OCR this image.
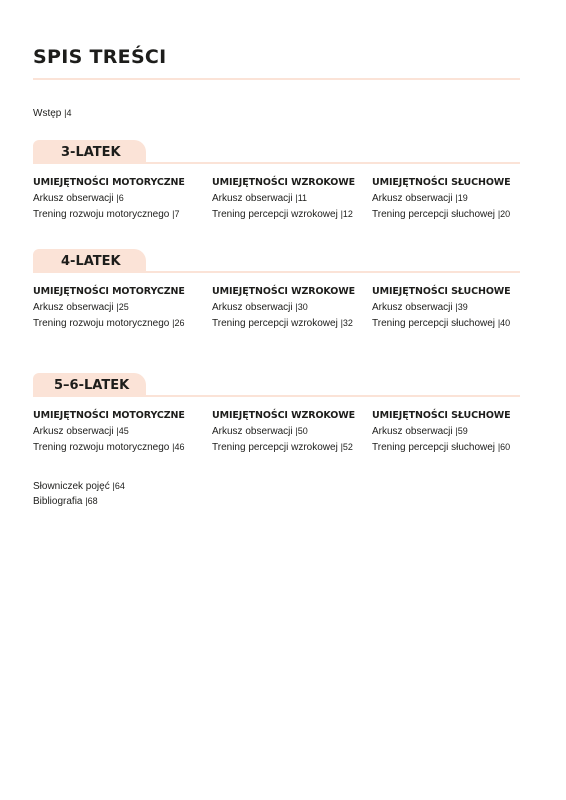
SPIS TREŚCI
Wstęp |4
3-LATEK
UMIEJĘTNOŚCI MOTORYCZNE
Arkusz obserwacji |6
Trening rozwoju motorycznego |7
UMIEJĘTNOŚCI WZROKOWE
Arkusz obserwacji |11
Trening percepcji wzrokowej |12
UMIEJĘTNOŚCI SŁUCHOWE
Arkusz obserwacji |19
Trening percepcji słuchowej |20
4-LATEK
UMIEJĘTNOŚCI MOTORYCZNE
Arkusz obserwacji |25
Trening rozwoju motorycznego |26
UMIEJĘTNOŚCI WZROKOWE
Arkusz obserwacji |30
Trening percepcji wzrokowej |32
UMIEJĘTNOŚCI SŁUCHOWE
Arkusz obserwacji |39
Trening percepcji słuchowej |40
5–6-LATEK
UMIEJĘTNOŚCI MOTORYCZNE
Arkusz obserwacji |45
Trening rozwoju motorycznego |46
UMIEJĘTNOŚCI WZROKOWE
Arkusz obserwacji |50
Trening percepcji wzrokowej |52
UMIEJĘTNOŚCI SŁUCHOWE
Arkusz obserwacji |59
Trening percepcji słuchowej |60
Słowniczek pojęć |64
Bibliografia |68
